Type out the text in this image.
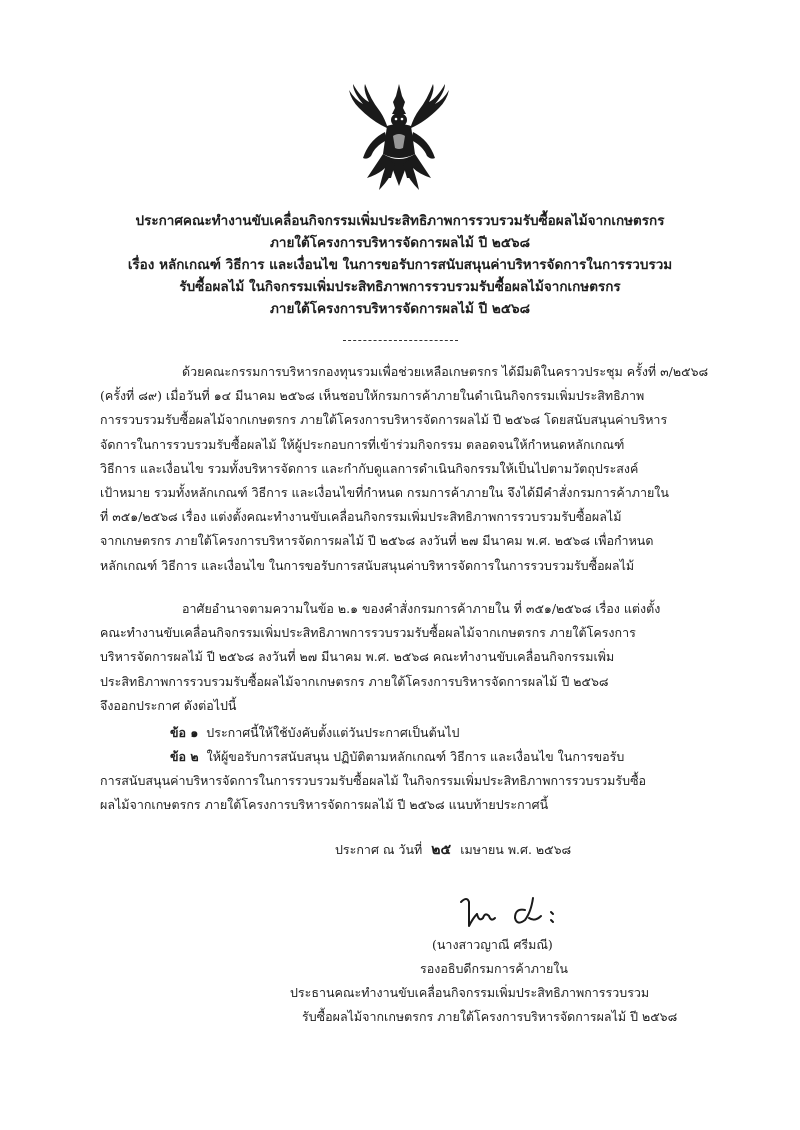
ประกาศคณะทำงานขับเคลื่อนกิจกรรมเพิ่มประสิทธิภาพการรวบรวมรับซื้อผลไม้จากเกษตรกร
ภายใต้โครงการบริหารจัดการผลไม้ ปี ๒๕๖๘
เรื่อง หลักเกณฑ์ วิธีการ และเงื่อนไข ในการขอรับการสนับสนุนค่าบริหารจัดการในการรวบรวม
รับซื้อผลไม้ ในกิจกรรมเพิ่มประสิทธิภาพการรวบรวมรับซื้อผลไม้จากเกษตรกร
ภายใต้โครงการบริหารจัดการผลไม้ ปี ๒๕๖๘
ด้วยคณะกรรมการบริหารกองทุนรวมเพื่อช่วยเหลือเกษตรกร ได้มีมติในคราวประชุม ครั้งที่ ๓/๒๕๖๘
(ครั้งที่ ๘๙) เมื่อวันที่ ๑๔ มีนาคม ๒๕๖๘ เห็นชอบให้กรมการค้าภายในดำเนินกิจกรรมเพิ่มประสิทธิภาพ
การรวบรวมรับซื้อผลไม้จากเกษตรกร ภายใต้โครงการบริหารจัดการผลไม้ ปี ๒๕๖๘ โดยสนับสนุนค่าบริหาร
จัดการในการรวบรวมรับซื้อผลไม้ ให้ผู้ประกอบการที่เข้าร่วมกิจกรรม ตลอดจนให้กำหนดหลักเกณฑ์
วิธีการ และเงื่อนไข รวมทั้งบริหารจัดการ และกำกับดูแลการดำเนินกิจกรรมให้เป็นไปตามวัตถุประสงค์
เป้าหมาย รวมทั้งหลักเกณฑ์ วิธีการ และเงื่อนไขที่กำหนด กรมการค้าภายใน จึงได้มีคำสั่งกรมการค้าภายใน
ที่ ๓๕๑/๒๕๖๘ เรื่อง แต่งตั้งคณะทำงานขับเคลื่อนกิจกรรมเพิ่มประสิทธิภาพการรวบรวมรับซื้อผลไม้
จากเกษตรกร ภายใต้โครงการบริหารจัดการผลไม้ ปี ๒๕๖๘ ลงวันที่ ๒๗ มีนาคม พ.ศ. ๒๕๖๘ เพื่อกำหนด
หลักเกณฑ์ วิธีการ และเงื่อนไข ในการขอรับการสนับสนุนค่าบริหารจัดการในการรวบรวมรับซื้อผลไม้
อาศัยอำนาจตามความในข้อ ๒.๑ ของคำสั่งกรมการค้าภายใน ที่ ๓๕๑/๒๕๖๘ เรื่อง แต่งตั้ง
คณะทำงานขับเคลื่อนกิจกรรมเพิ่มประสิทธิภาพการรวบรวมรับซื้อผลไม้จากเกษตรกร ภายใต้โครงการ
บริหารจัดการผลไม้ ปี ๒๕๖๘ ลงวันที่ ๒๗ มีนาคม พ.ศ. ๒๕๖๘ คณะทำงานขับเคลื่อนกิจกรรมเพิ่ม
ประสิทธิภาพการรวบรวมรับซื้อผลไม้จากเกษตรกร ภายใต้โครงการบริหารจัดการผลไม้ ปี ๒๕๖๘
จึงออกประกาศ ดังต่อไปนี้
ข้อ ๑ ประกาศนี้ให้ใช้บังคับตั้งแต่วันประกาศเป็นต้นไป
ข้อ ๒ ให้ผู้ขอรับการสนับสนุน ปฏิบัติตามหลักเกณฑ์ วิธีการ และเงื่อนไข ในการขอรับ
การสนับสนุนค่าบริหารจัดการในการรวบรวมรับซื้อผลไม้ ในกิจกรรมเพิ่มประสิทธิภาพการรวบรวมรับซื้อ
ผลไม้จากเกษตรกร ภายใต้โครงการบริหารจัดการผลไม้ ปี ๒๕๖๘ แนบท้ายประกาศนี้
ประกาศ ณ วันที่ ๒๕ เมษายน พ.ศ. ๒๕๖๘
(นางสาวญาณี ศรีมณี)
รองอธิบดีกรมการค้าภายใน
ประธานคณะทำงานขับเคลื่อนกิจกรรมเพิ่มประสิทธิภาพการรวบรวม
รับซื้อผลไม้จากเกษตรกร ภายใต้โครงการบริหารจัดการผลไม้ ปี ๒๕๖๘
